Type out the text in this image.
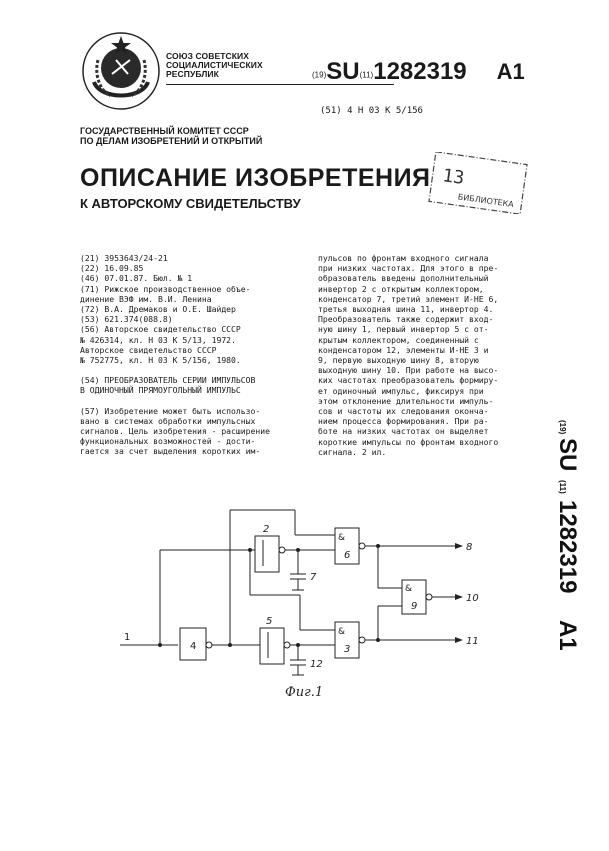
СОЮЗ СОВЕТСКИХ
СОЦИАЛИСТИЧЕСКИХ
РЕСПУБЛИК	(19)SU(11)1282319 A1
(51) 4 H 03 K 5/156
ГОСУДАРСТВЕННЫЙ КОМИТЕТ СССР
ПО ДЕЛАМ ИЗОБРЕТЕНИЙ И ОТКРЫТИЙ
ОПИСАНИЕ ИЗОБРЕТЕНИЯ
К АВТОРСКОМУ СВИДЕТЕЛЬСТВУ
13
БИБЛИОТЕКА
(21) 3953643/24-21
(22) 16.09.85
(46) 07.01.87. Бюл. № 1
(71) Рижское производственное объе-
динение ВЭФ им. В.И. Ленина
(72) В.А. Дремаков и О.Е. Шайдер
(53) 621.374(088.8)
(56) Авторское свидетельство СССР
№ 426314, кл. H 03 K 5/13, 1972.
Авторское свидетельство СССР
№ 752775, кл. H 03 K 5/156, 1980.
(54) ПРЕОБРАЗОВАТЕЛЬ СЕРИИ ИМПУЛЬСОВ
В ОДИНОЧНЫЙ ПРЯМОУГОЛЬНЫЙ ИМПУЛЬС
(57) Изобретение может быть использо-
вано в системах обработки импульсных
сигналов. Цель изобретения - расширение
функциональных возможностей - дости-
гается за счет выделения коротких им-
пульсов по фронтам входного сигнала
при низких частотах. Для этого в пре-
образователь введены дополнительный
инвертор 2 с открытым коллектором,
конденсатор 7, третий элемент И-НЕ 6,
третья выходная шина 11, инвертор 4.
Преобразователь также содержит вход-
ную шину 1, первый инвертор 5 с от-
крытым коллектором, соединенный с
конденсатором 12, элементы И-НЕ 3 и
9, первую выходную шину 8, вторую
выходную шину 10. При работе на высо-
ких частотах преобразователь формиру-
ет одиночный импульс, фиксируя при
этом отклонение длительности импуль-
сов и частоты их следования оконча-
нием процесса формирования. При ра-
боте на низких частотах он выделяет
короткие импульсы по фронтам входного
сигнала. 2 ил.
(19)
SU
(11)
1282319
A1
1
4
2
5
7
12
&
6
&
3
&
9
8
10
11
Фиг.1
